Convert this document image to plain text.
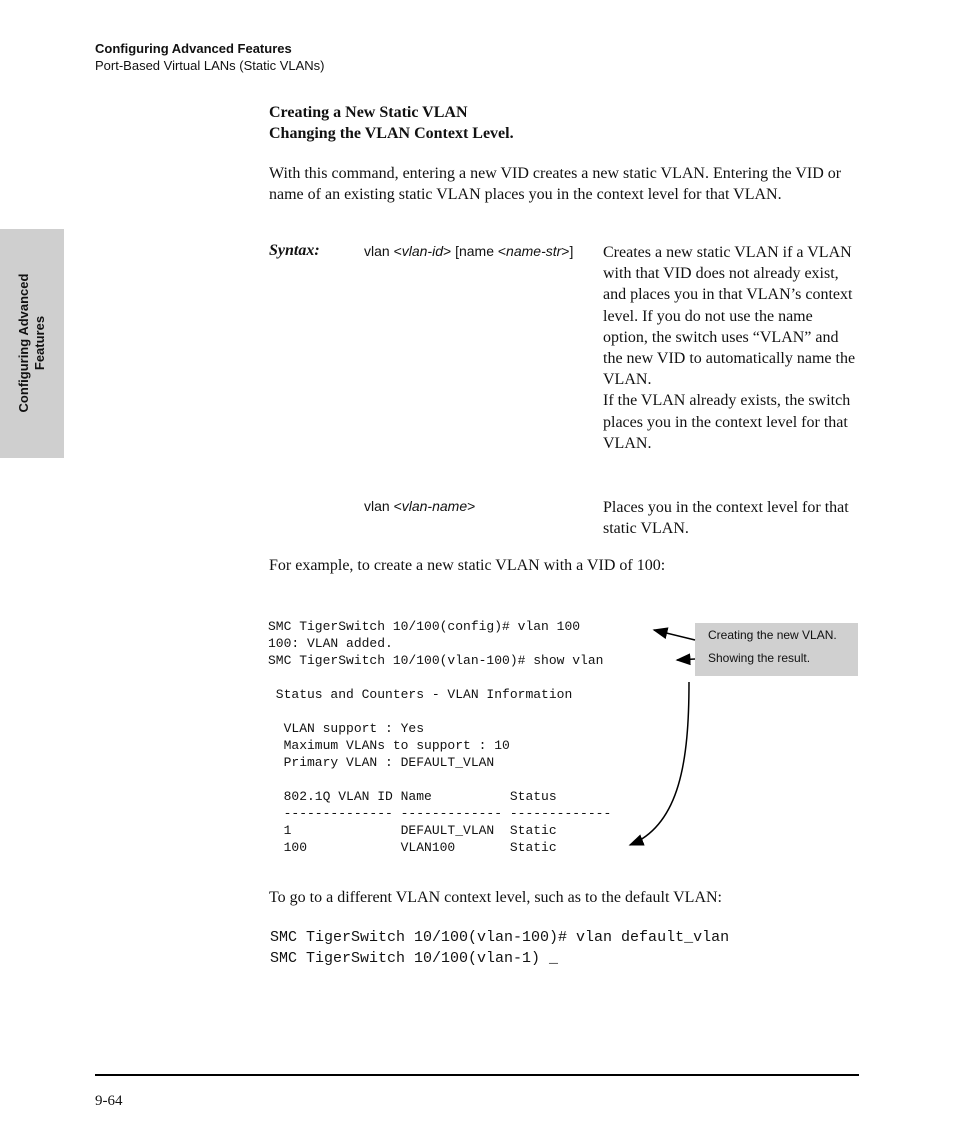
Configuring Advanced Features
Port-Based Virtual LANs (Static VLANs)
Configuring Advanced Features
Creating a New Static VLAN
Changing the VLAN Context Level.
With this command, entering a new VID creates a new static VLAN. Entering the VID or name of an existing static VLAN places you in the context level for that VLAN.
Syntax:	vlan <vlan-id> [name <name-str>] Creates a new static VLAN if a VLAN with that VID does not already exist, and places you in that VLAN’s context level. If you do not use the name option, the switch uses “VLAN” and the new VID to automatically name the VLAN.
If the VLAN already exists, the switch places you in the context level for that VLAN.
vlan <vlan-name>	Places you in the context level for that static VLAN.
For example, to create a new static VLAN with a VID of 100:
SMC TigerSwitch 10/100(config)# vlan 100
100: VLAN added.
SMC TigerSwitch 10/100(vlan-100)# show vlan

Status and Counters - VLAN Information

VLAN support : Yes
Maximum VLANs to support : 10
Primary VLAN : DEFAULT_VLAN

802.1Q VLAN ID Name          Status
-------------- ------------- -------------
1              DEFAULT_VLAN  Static
100            VLAN100       Static
Creating the new VLAN.
Showing the result.
To go to a different VLAN context level, such as to the default VLAN:
SMC TigerSwitch 10/100(vlan-100)# vlan default_vlan
SMC TigerSwitch 10/100(vlan-1) _
9-64
